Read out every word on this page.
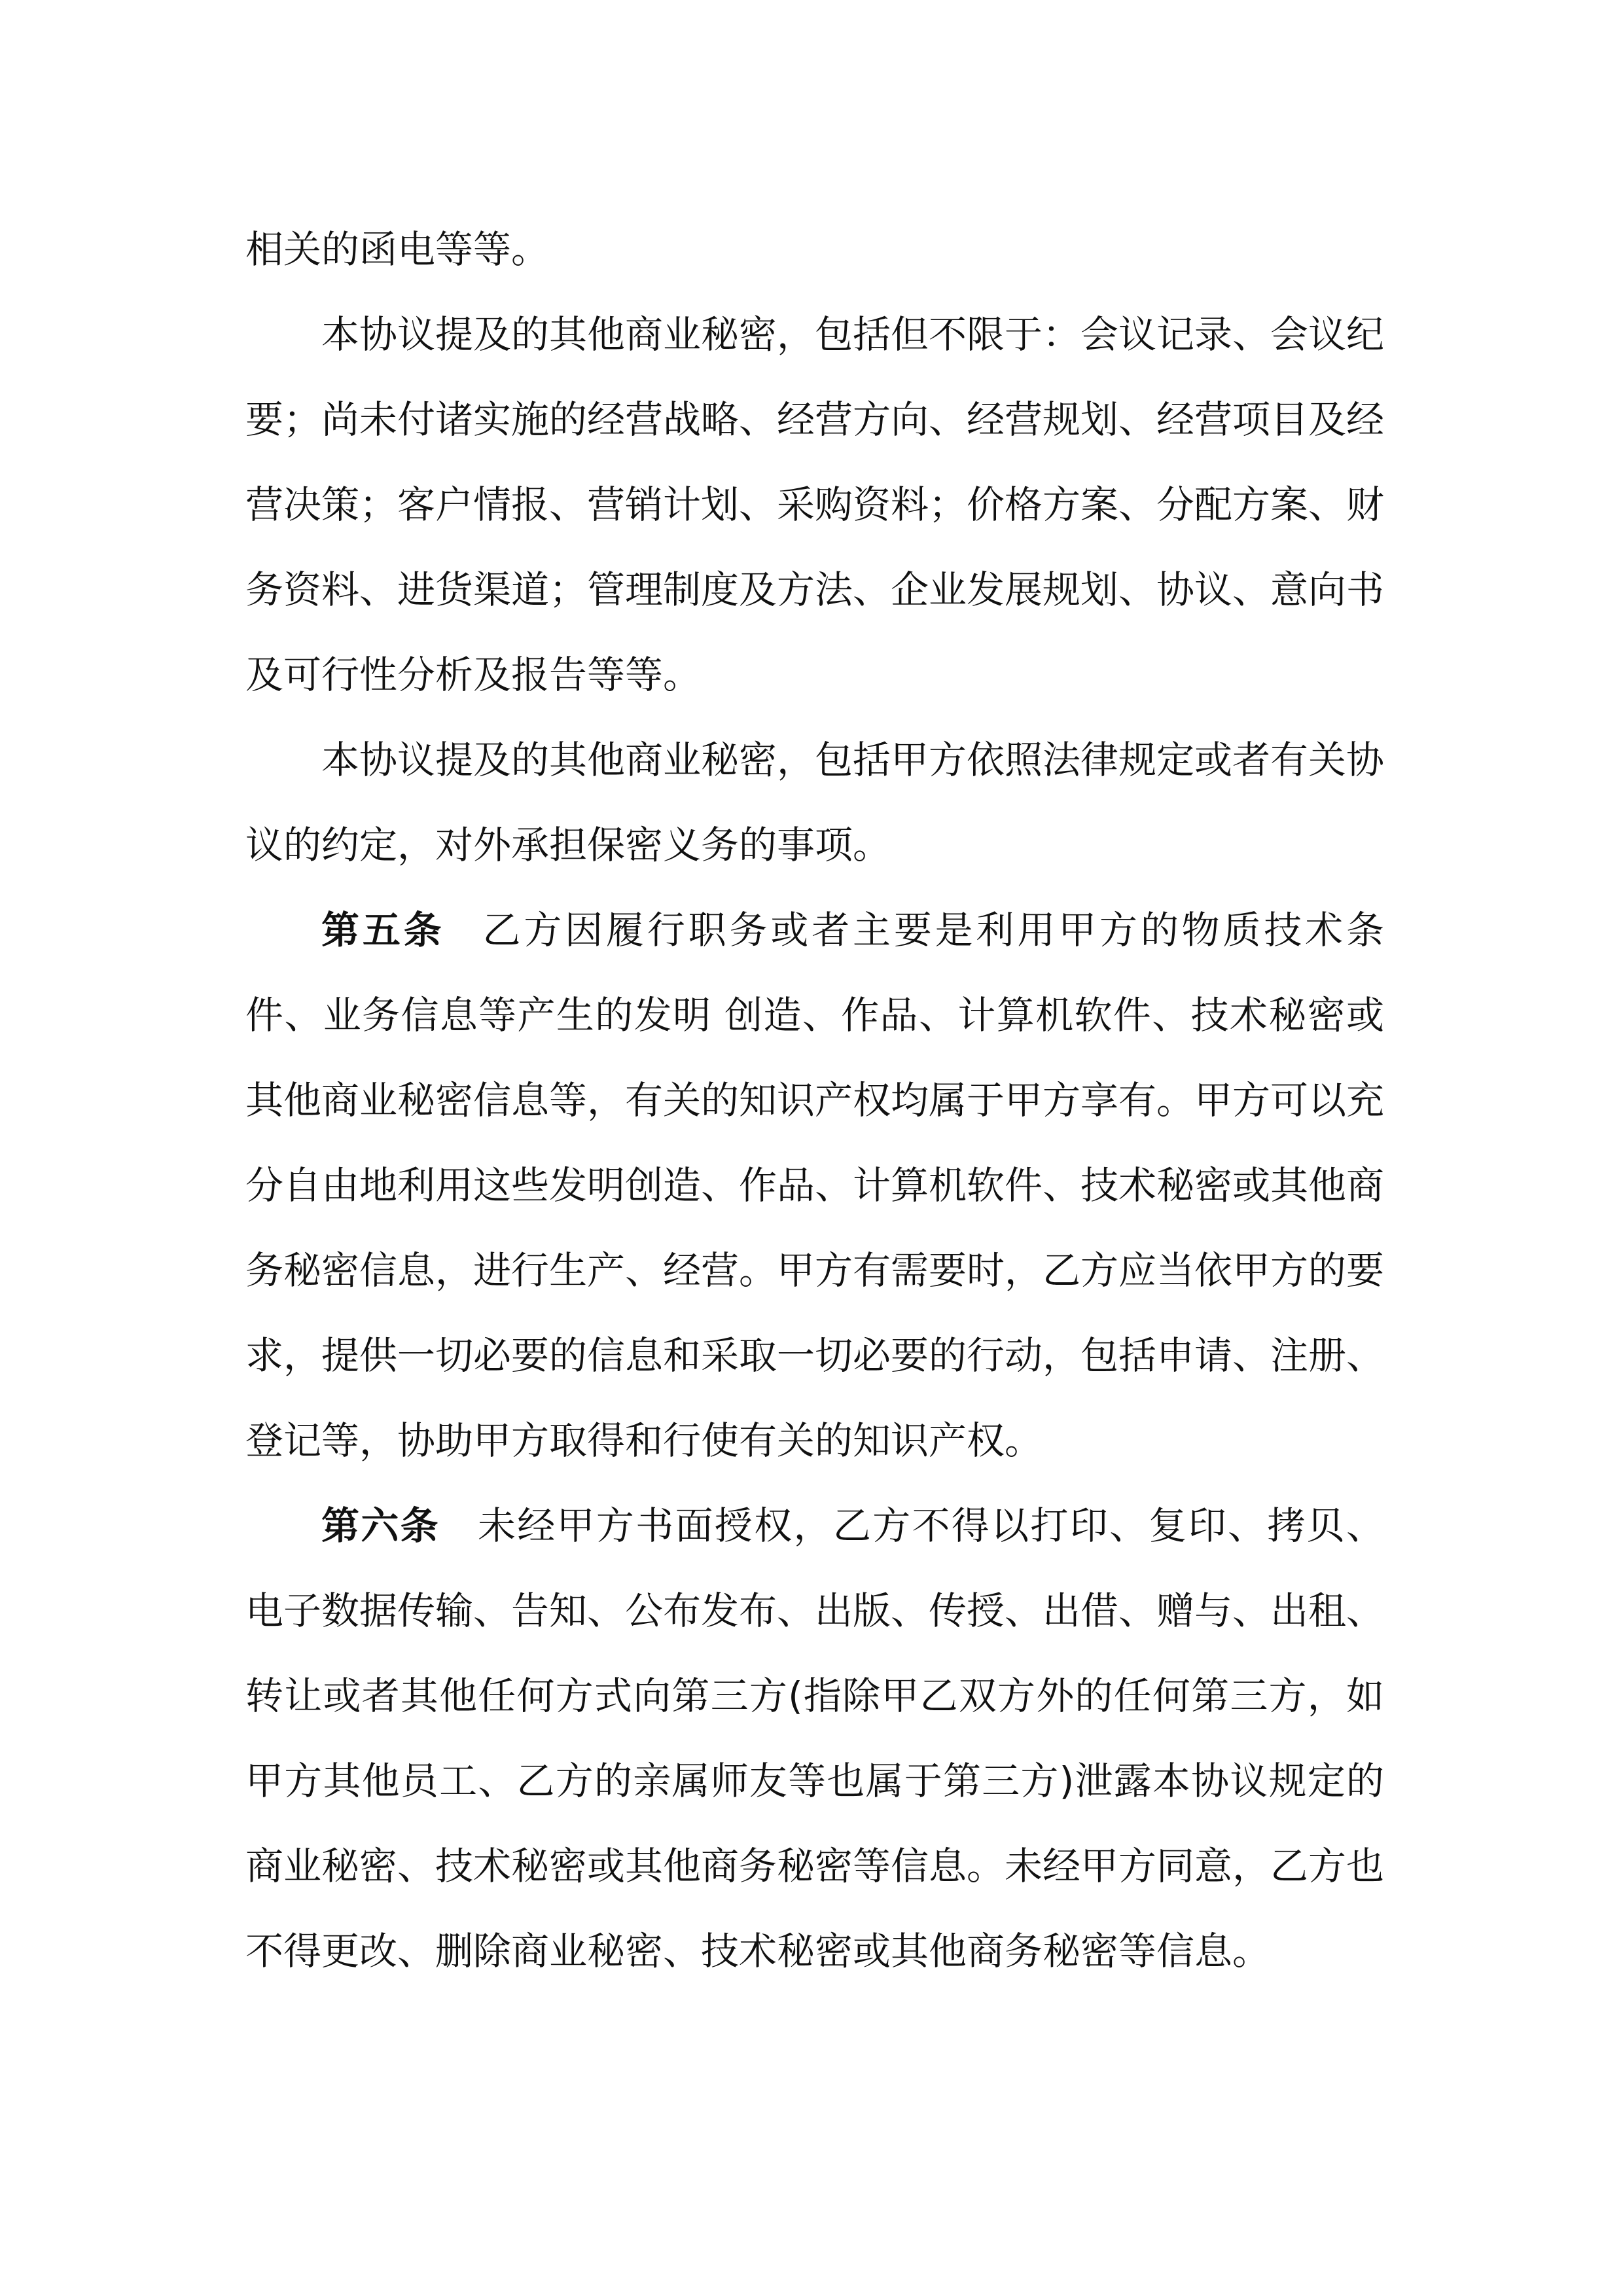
相关的函电等等。

本协议提及的其他商业秘密，包括但不限于：会议记录、会议纪要；尚未付诸实施的经营战略、经营方向、经营规划、经营项目及经营决策；客户情报、营销计划、采购资料；价格方案、分配方案、财务资料、进货渠道；管理制度及方法、企业发展规划、协议、意向书及可行性分析及报告等等。

本协议提及的其他商业秘密，包括甲方依照法律规定或者有关协议的约定，对外承担保密义务的事项。

第五条 乙方因履行职务或者主要是利用甲方的物质技术条件、业务信息等产生的发明 创造、作品、计算机软件、技术秘密或其他商业秘密信息等，有关的知识产权均属于甲方享有。甲方可以充分自由地利用这些发明创造、作品、计算机软件、技术秘密或其他商务秘密信息，进行生产、经营。甲方有需要时，乙方应当依甲方的要求，提供一切必要的信息和采取一切必要的行动，包括申请、注册、登记等，协助甲方取得和行使有关的知识产权。

第六条 未经甲方书面授权，乙方不得以打印、复印、拷贝、电子数据传输、告知、公布发布、出版、传授、出借、赠与、出租、转让或者其他任何方式向第三方(指除甲乙双方外的任何第三方，如甲方其他员工、乙方的亲属师友等也属于第三方)泄露本协议规定的商业秘密、技术秘密或其他商务秘密等信息。未经甲方同意，乙方也不得更改、删除商业秘密、技术秘密或其他商务秘密等信息。
